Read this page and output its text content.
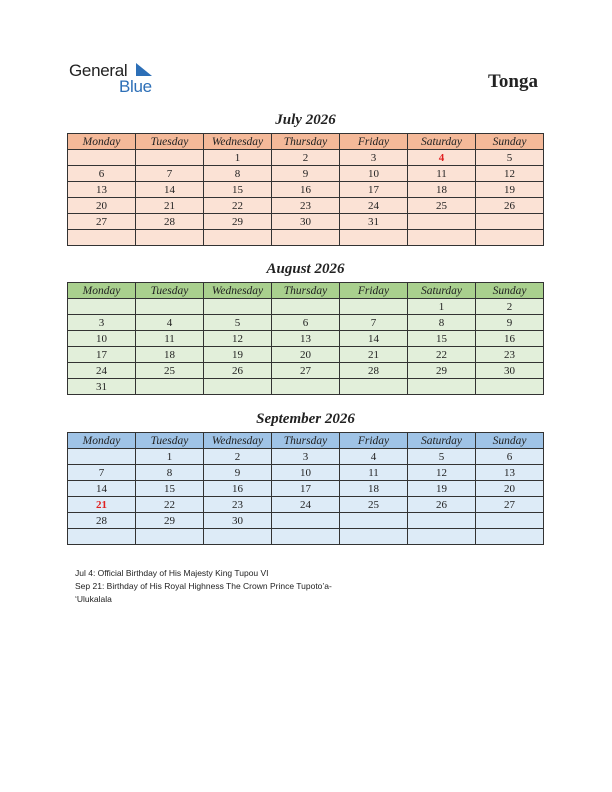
General
Blue	Tonga
July 2026
Monday	Tuesday	Wednesday	Thursday	Friday	Saturday	Sunday
		1	2	3	4	5
6	7	8	9	10	11	12
13	14	15	16	17	18	19
20	21	22	23	24	25	26
27	28	29	30	31		

August 2026
Monday	Tuesday	Wednesday	Thursday	Friday	Saturday	Sunday
					1	2
3	4	5	6	7	8	9
10	11	12	13	14	15	16
17	18	19	20	21	22	23
24	25	26	27	28	29	30
31						
September 2026
Monday	Tuesday	Wednesday	Thursday	Friday	Saturday	Sunday
	1	2	3	4	5	6
7	8	9	10	11	12	13
14	15	16	17	18	19	20
21	22	23	24	25	26	27
28	29	30				

Jul 4: Official Birthday of His Majesty King Tupou VI
Sep 21: Birthday of His Royal Highness The Crown Prince Tupoto’a-
‘Ulukalala
